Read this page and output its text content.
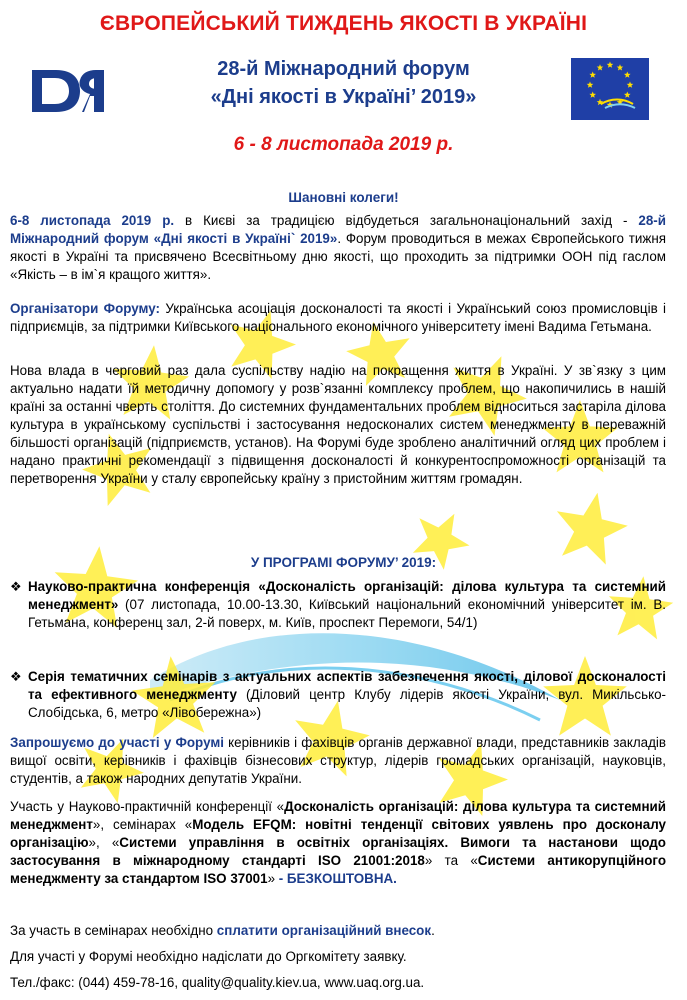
ЄВРОПЕЙСЬКИЙ ТИЖДЕНЬ ЯКОСТІ В УКРАЇНІ
28-й Міжнародний форум
«Дні якості в Україні’ 2019»
6 - 8 листопада 2019 р.
Шановні колеги!
6-8 листопада 2019 р. в Києві за традицією відбудеться загальнонаціональний захід - 28-й Міжнародний форум «Дні якості в Україні` 2019». Форум проводиться в межах Європейського тижня якості в Україні та присвячено Всесвітньому дню якості, що проходить за підтримки ООН під гаслом «Якість – в ім`я кращого життя».
Організатори Форуму: Українська асоціація досконалості та якості і Український союз промисловців і підприємців, за підтримки Київського національного економічного університету імені Вадима Гетьмана.
Нова влада в черговий раз дала суспільству надію на покращення життя в Україні. У зв`язку з цим актуально надати їй методичну допомогу у розв`язанні комплексу проблем, що накопичились в нашій країні за останні чверть століття. До системних фундаментальних проблем відноситься застаріла ділова культура в українському суспільстві і застосування недосконалих систем менеджменту в переважній більшості організацій (підприємств, установ). На Форумі буде зроблено аналітичний огляд цих проблем і надано практичні рекомендації з підвищення досконалості й конкурентоспроможності організацій та перетворення України у сталу європейську країну з пристойним життям громадян.
У ПРОГРАМІ ФОРУМУ’ 2019:
❖ Науково-практична конференція «Досконалість організацій: ділова культура та системний менеджмент» (07 листопада, 10.00-13.30, Київський національний економічний університет ім. В. Гетьмана, конференц зал, 2-й поверх, м. Київ, проспект Перемоги, 54/1)
❖ Серія тематичних семінарів з актуальних аспектів забезпечення якості, ділової досконалості та ефективного менеджменту (Діловий центр Клубу лідерів якості України, вул. Микільсько-Слобідська, 6, метро «Лівобережна»)
Запрошуємо до участі у Форумі керівників і фахівців органів державної влади, представників закладів вищої освіти, керівників і фахівців бізнесових структур, лідерів громадських організацій, науковців, студентів, а також народних депутатів України.
Участь у Науково-практичній конференції «Досконалість організацій: ділова культура та системний менеджмент», семінарах «Модель EFQM: новітні тенденції світових уявлень про досконалу організацію», «Системи управління в освітніх організаціях. Вимоги та настанови щодо застосування в міжнародному стандарті ISO 21001:2018» та «Системи антикорупційного менеджменту за стандартом ISO 37001» - БЕЗКОШТОВНА.
За участь в семінарах необхідно сплатити організаційний внесок.
Для участі у Форумі необхідно надіслати до Оргкомітету заявку.
Тел./факс: (044) 459-78-16, quality@quality.kiev.ua, www.uaq.org.ua.
